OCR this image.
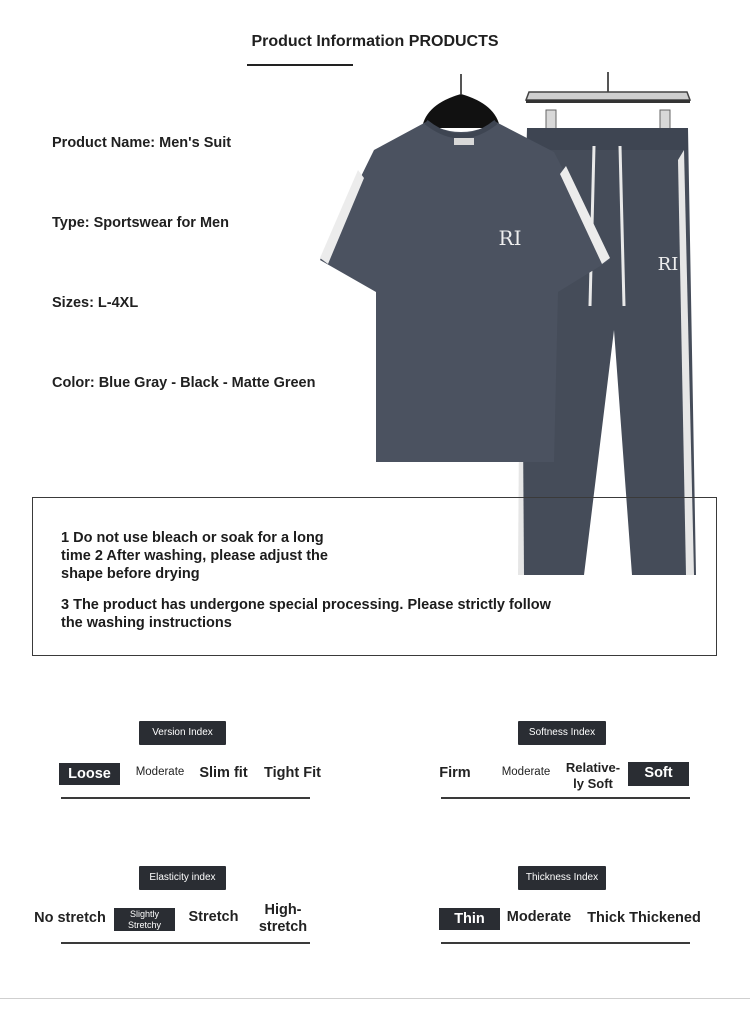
Product Information PRODUCTS
Product Name: Men's Suit
Type: Sportswear for Men
Sizes: L-4XL
Color: Blue Gray - Black - Matte Green
RI
RI
1 Do not use bleach or soak for a long
time 2 After washing, please adjust the
shape before drying
3 The product has undergone special processing. Please strictly follow
the washing instructions
Version Index
Loose	Moderate	Slim fit Tight Fit
Softness Index
Firm	Moderate	Relative-
ly Soft
Soft
Elasticity index
No stretch	Slightly
Stretchy	Stretch	High-
stretch
Thickness Index
Thin	Moderate Thick Thickened
